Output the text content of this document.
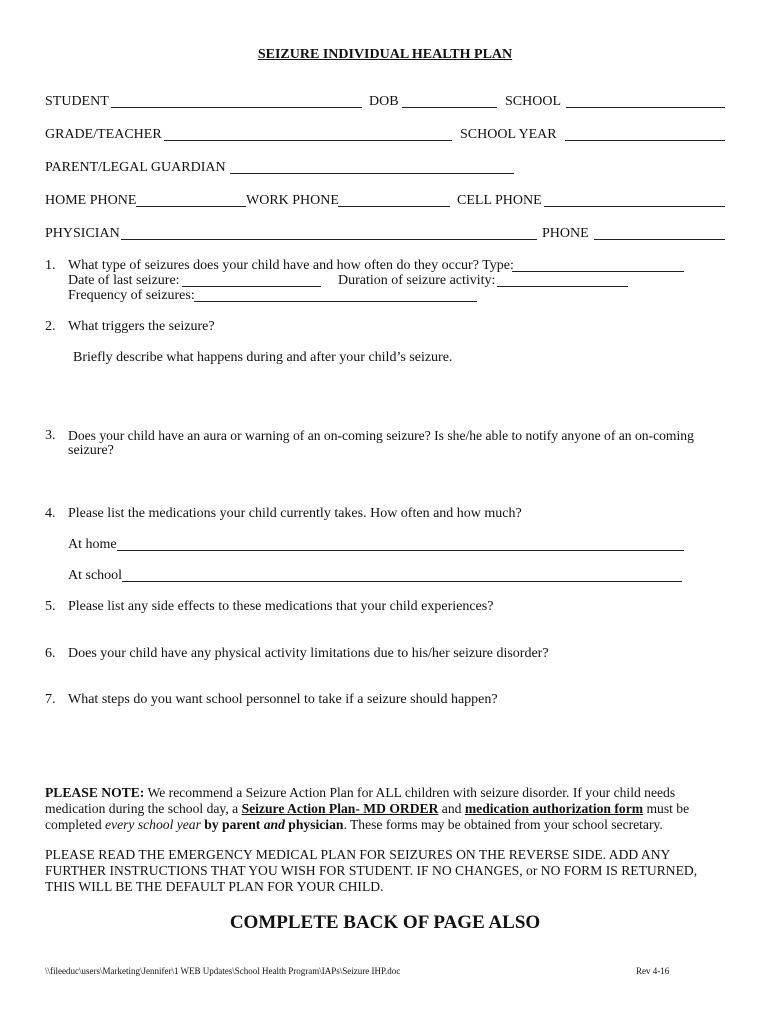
SEIZURE INDIVIDUAL HEALTH PLAN
STUDENT	DOB	SCHOOL
GRADE/TEACHER	SCHOOL YEAR
PARENT/LEGAL GUARDIAN
HOME PHONE	WORK PHONE	CELL PHONE
PHYSICIAN	PHONE
1. What type of seizures does your child have and how often do they occur? Type:
Date of last seizure:	Duration of seizure activity:
Frequency of seizures:
2. What triggers the seizure?
Briefly describe what happens during and after your child’s seizure.
3. Does your child have an aura or warning of an on-coming seizure? Is she/he able to notify anyone of an on-coming
seizure?
4. Please list the medications your child currently takes. How often and how much?
At home
At school
5. Please list any side effects to these medications that your child experiences?
6. Does your child have any physical activity limitations due to his/her seizure disorder?
7. What steps do you want school personnel to take if a seizure should happen?
PLEASE NOTE: We recommend a Seizure Action Plan for ALL children with seizure disorder. If your child needs
medication during the school day, a Seizure Action Plan- MD ORDER and medication authorization form must be
completed every school year by parent and physician. These forms may be obtained from your school secretary.
PLEASE READ THE EMERGENCY MEDICAL PLAN FOR SEIZURES ON THE REVERSE SIDE. ADD ANY
FURTHER INSTRUCTIONS THAT YOU WISH FOR STUDENT. IF NO CHANGES, or NO FORM IS RETURNED,
THIS WILL BE THE DEFAULT PLAN FOR YOUR CHILD.
COMPLETE BACK OF PAGE ALSO
\\fileeduc\users\Marketing\Jennifer\1 WEB Updates\School Health Program\IAPs\Seizure IHP.doc	Rev 4-16
